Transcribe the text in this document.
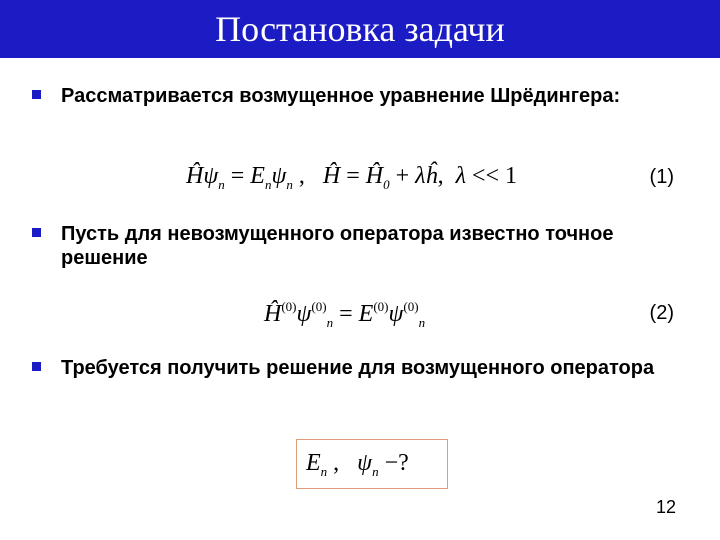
Постановка задачи
Рассматривается возмущенное уравнение Шрёдингера:
$Ĥ\psi_n = E_n\psi_n$ ,   Ĥ = $Ĥ_0$ + λĥ,  λ << 1	(1)
Пусть для невозмущенного оператора известно точное решение
$Ĥ^{(0)}\psi^{(0)}_n = E^{(0)}\psi^{(0)}_n$	(2)
Требуется получить решение для возмущенного оператора
$E_n$ ,   $\psi_n$ −?
12
